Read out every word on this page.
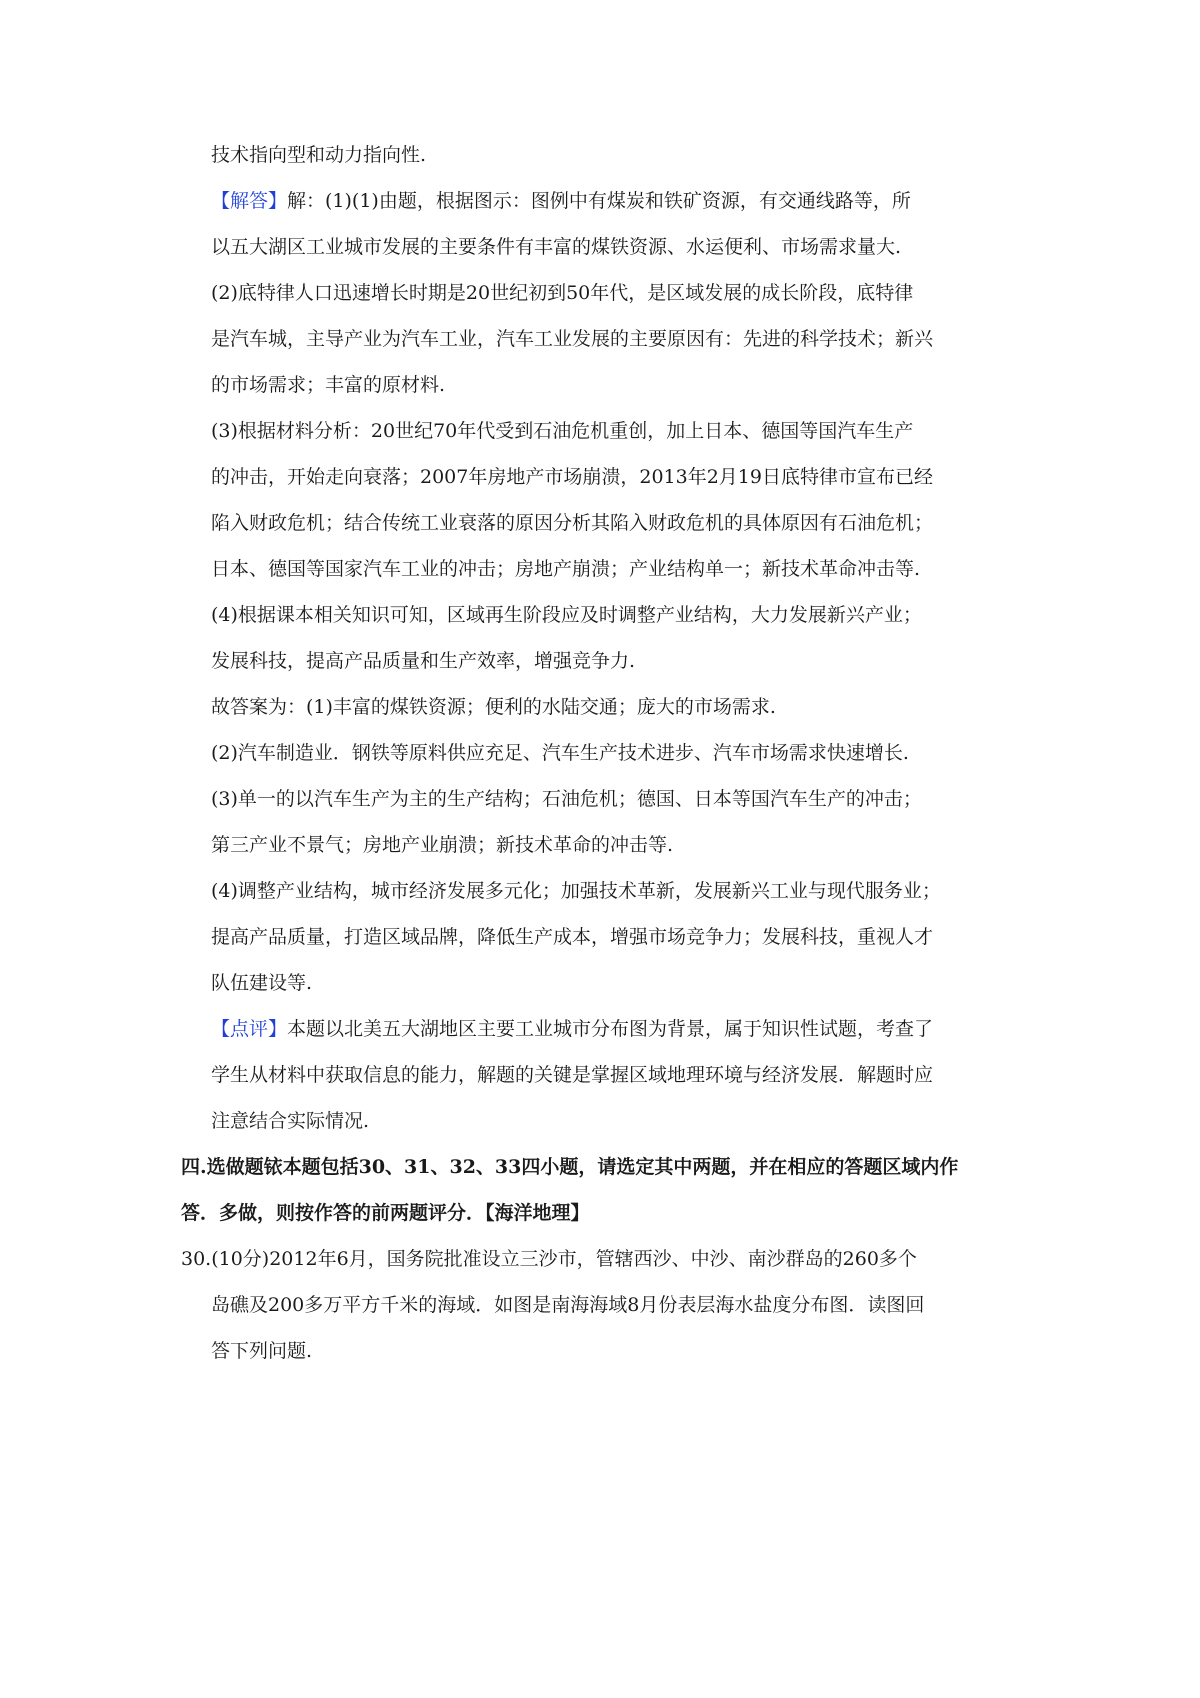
技术指向型和动力指向性.
【解答】解：(1)(1)由题，根据图示：图例中有煤炭和铁矿资源，有交通线路等，所
以五大湖区工业城市发展的主要条件有丰富的煤铁资源、水运便利、市场需求量大.
(2)底特律人口迅速增长时期是20世纪初到50年代，是区域发展的成长阶段，底特律
是汽车城，主导产业为汽车工业，汽车工业发展的主要原因有：先进的科学技术；新兴
的市场需求；丰富的原材料.
(3)根据材料分析：20世纪70年代受到石油危机重创，加上日本、德国等国汽车生产
的冲击，开始走向衰落；2007年房地产市场崩溃，2013年2月19日底特律市宣布已经
陷入财政危机；结合传统工业衰落的原因分析其陷入财政危机的具体原因有石油危机；
日本、德国等国家汽车工业的冲击；房地产崩溃；产业结构单一；新技术革命冲击等.
(4)根据课本相关知识可知，区域再生阶段应及时调整产业结构，大力发展新兴产业；
发展科技，提高产品质量和生产效率，增强竞争力.
故答案为：(1)丰富的煤铁资源；便利的水陆交通；庞大的市场需求.
(2)汽车制造业．钢铁等原料供应充足、汽车生产技术进步、汽车市场需求快速增长.
(3)单一的以汽车生产为主的生产结构；石油危机；德国、日本等国汽车生产的冲击；
第三产业不景气；房地产业崩溃；新技术革命的冲击等.
(4)调整产业结构，城市经济发展多元化；加强技术革新，发展新兴工业与现代服务业；
提高产品质量，打造区域品牌，降低生产成本，增强市场竞争力；发展科技，重视人才
队伍建设等.
【点评】本题以北美五大湖地区主要工业城市分布图为背景，属于知识性试题，考查了
学生从材料中获取信息的能力，解题的关键是掌握区域地理环境与经济发展．解题时应
注意结合实际情况.
四.选做题铱本题包括30、31、32、33四小题，请选定其中两题，并在相应的答题区域内作
答．多做，则按作答的前两题评分．【海洋地理】
30.(10分)2012年6月，国务院批准设立三沙市，管辖西沙、中沙、南沙群岛的260多个
岛礁及200多万平方千米的海域．如图是南海海域8月份表层海水盐度分布图．读图回
答下列问题.
